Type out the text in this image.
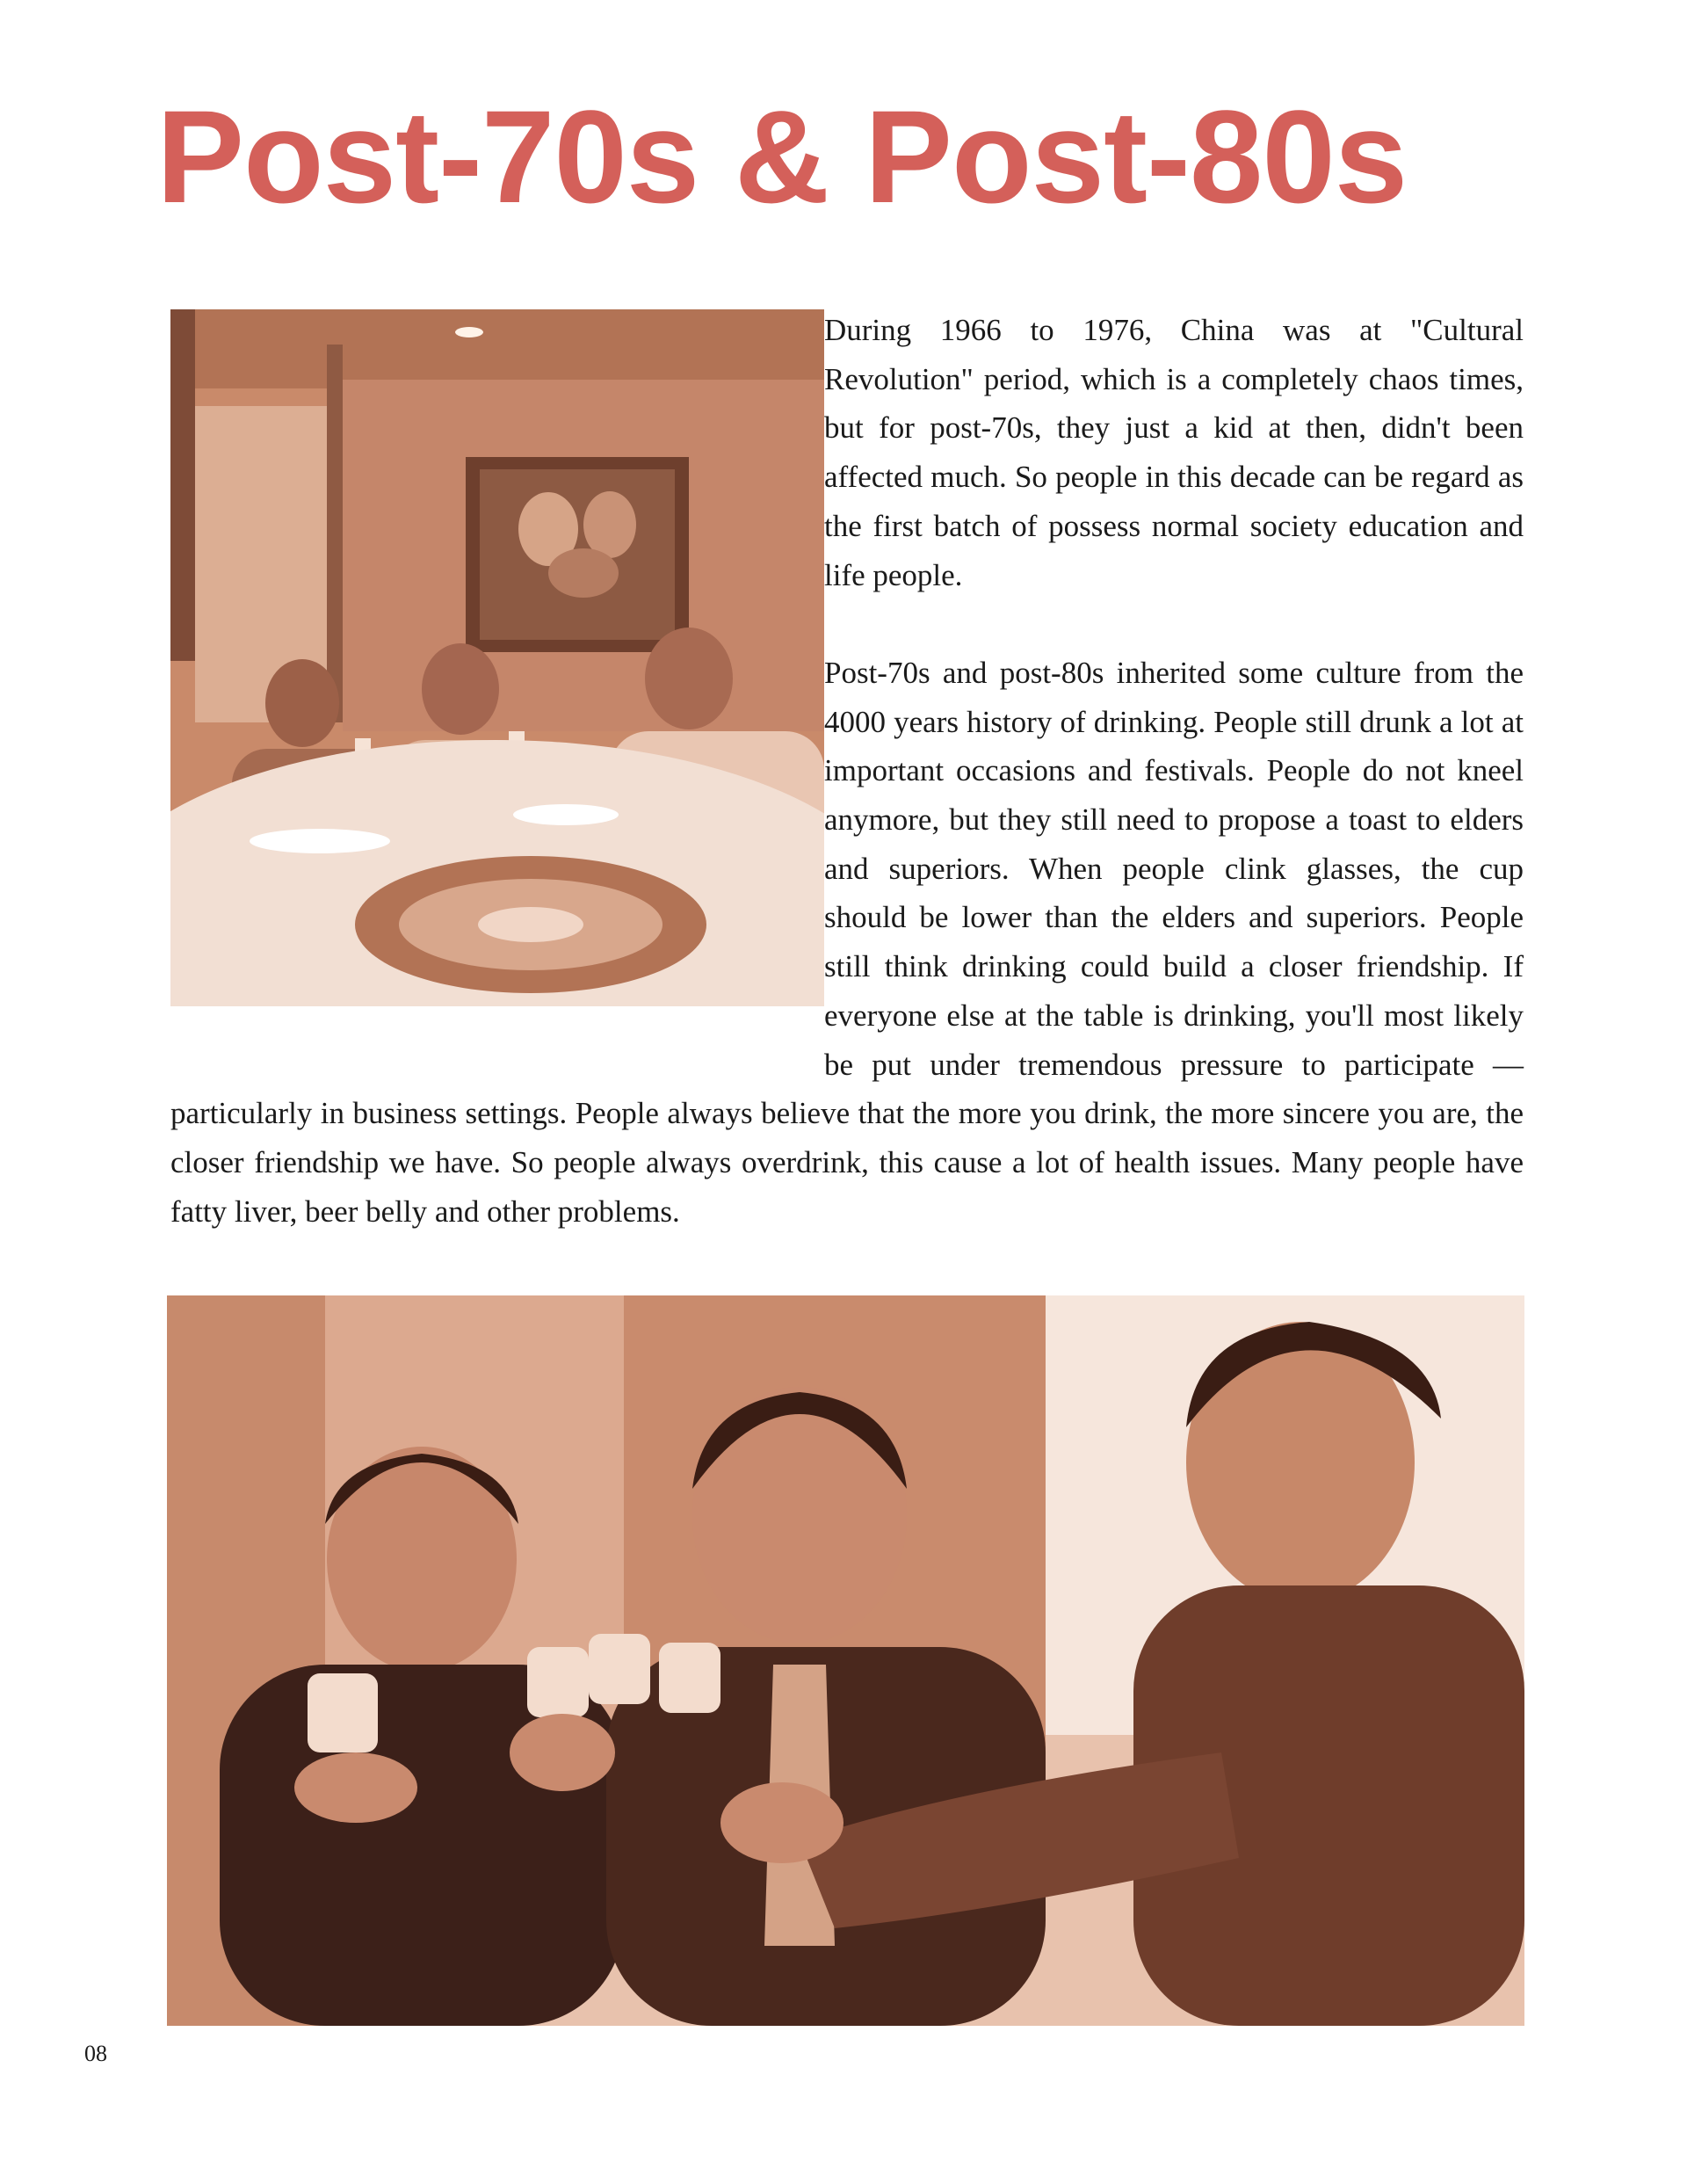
Post-70s & Post-80s

During 1966 to 1976, China was at "Cultural Revolution" period, which is a completely chaos times, but for post-70s, they just a kid at then, didn't been affected much. So people in this decade can be regard as the first batch of possess normal society education and life people.

Post-70s and post-80s inherited some culture from the 4000 years history of drinking. People still drunk a lot at important occasions and festivals. People do not kneel anymore, but they still need to propose a toast to elders and superiors. When people clink glasses, the cup should be lower than the elders and superiors. People still think drinking could build a closer friendship. If everyone else at the table is drinking, you'll most likely be put under tremendous pressure to participate — particularly in business settings. People always believe that the more you drink, the more sincere you are, the closer friendship we have. So people always overdrink, this cause a lot of health issues. Many people have fatty liver, beer belly and other problems.

08
